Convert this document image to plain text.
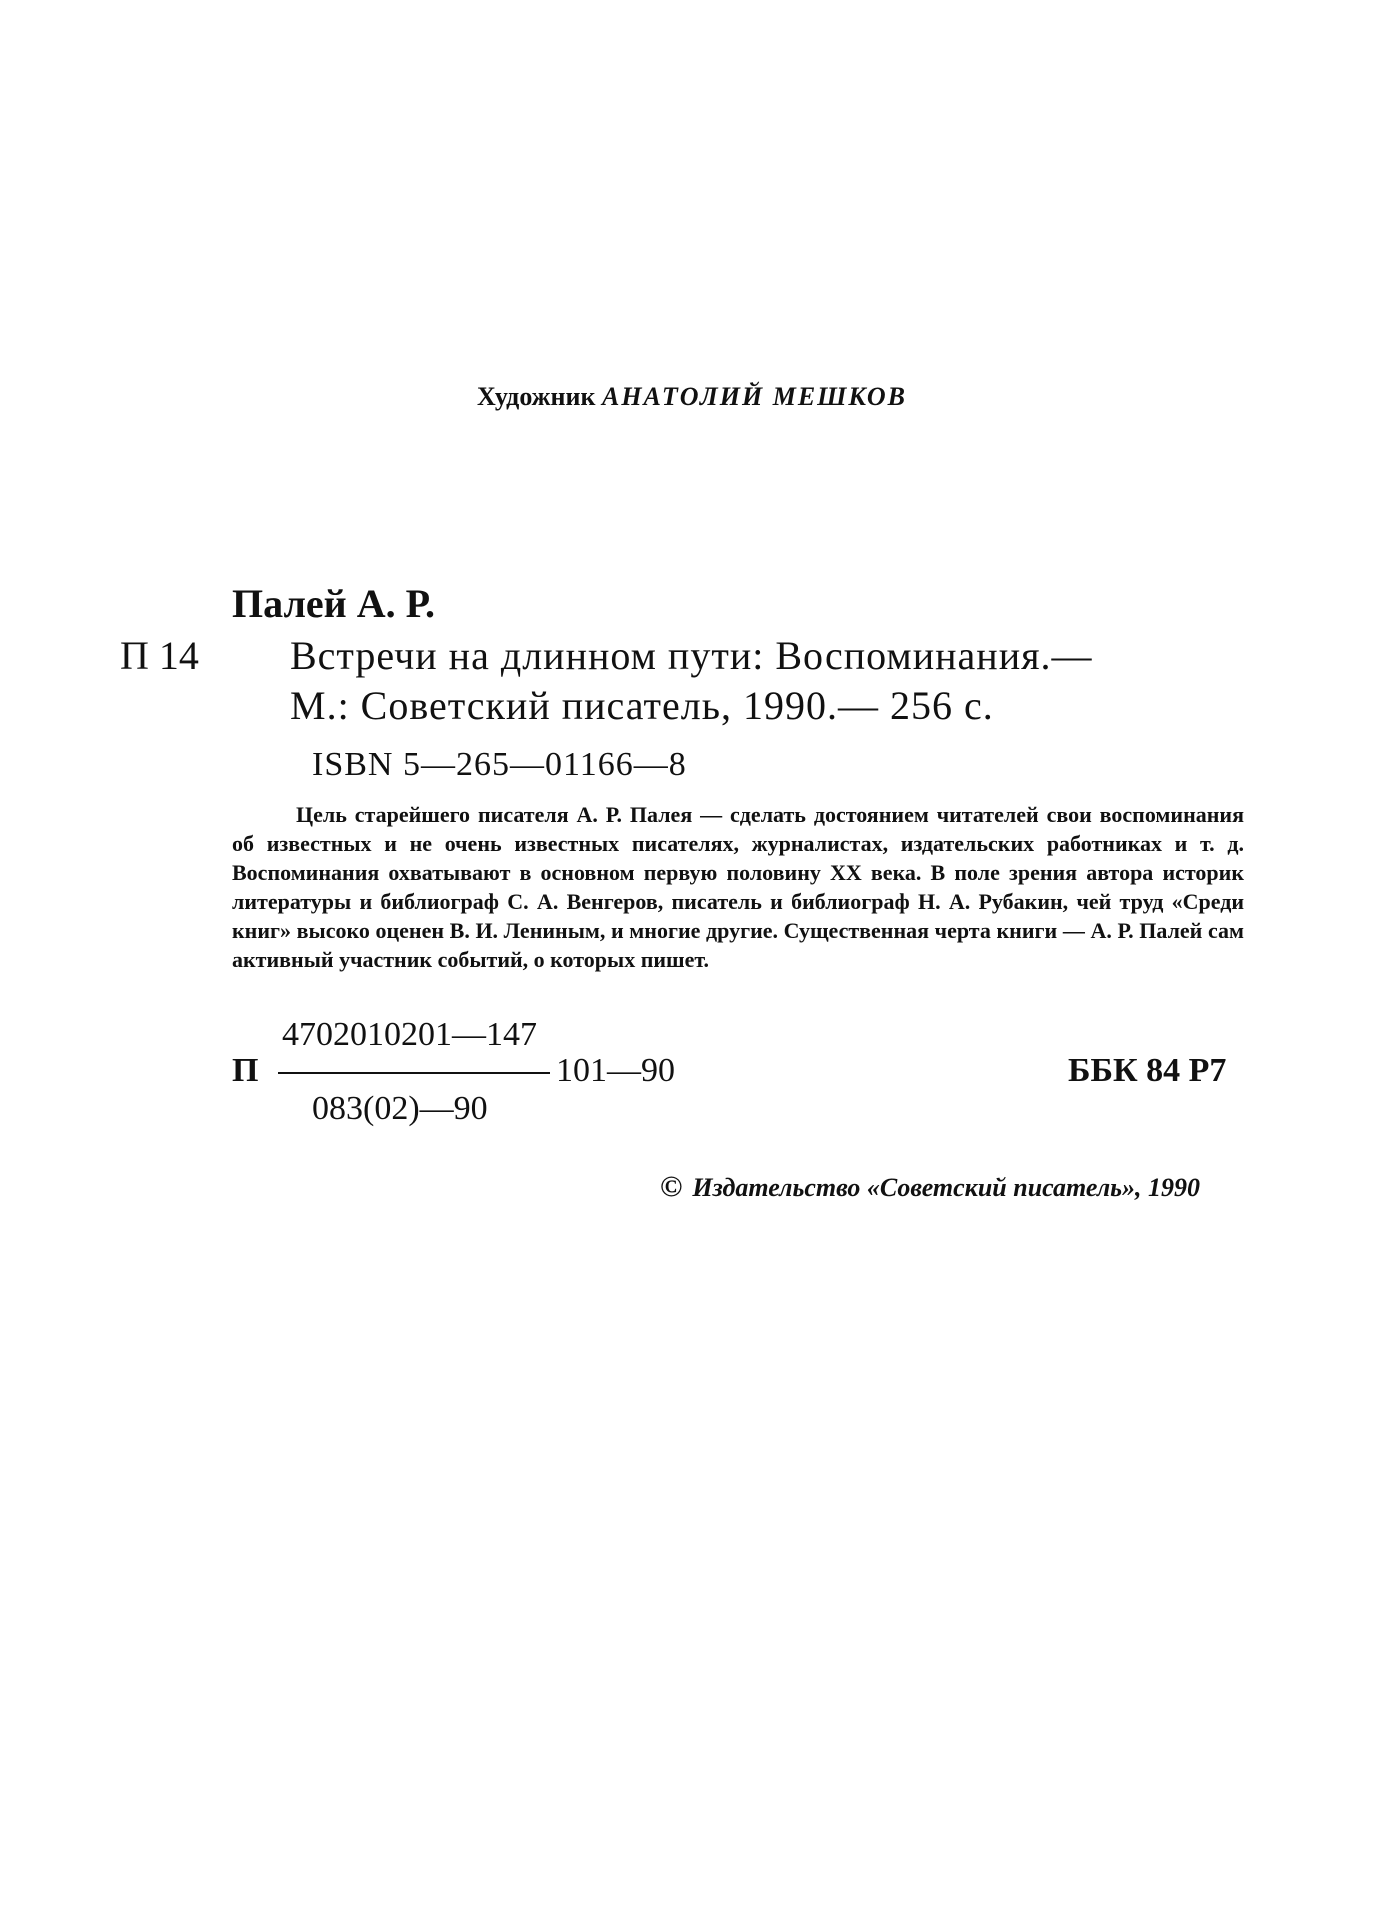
Художник АНАТОЛИЙ МЕШКОВ
Палей А. Р.
П 14 Встречи на длинном пути: Воспоминания.—
М.: Советский писатель, 1990.— 256 с.
ISBN 5—265—01166—8

Цель старейшего писателя А. Р. Палея — сделать достоянием читателей свои воспоминания об известных и не очень известных писателях, журналистах, издательских работниках и т. д. Воспоминания охватывают в основном первую половину XX века. В поле зрения автора историк литературы и библиограф С. А. Венгеров, писатель и библиограф Н. А. Рубакин, чей труд «Среди книг» высоко оценен В. И. Лениным, и многие другие. Существенная черта книги — А. Р. Палей сам активный участник событий, о которых пишет.

4702010201—147
П	101—90
083(02)—90
ББК 84 Р7
© Издательство «Советский писатель», 1990
